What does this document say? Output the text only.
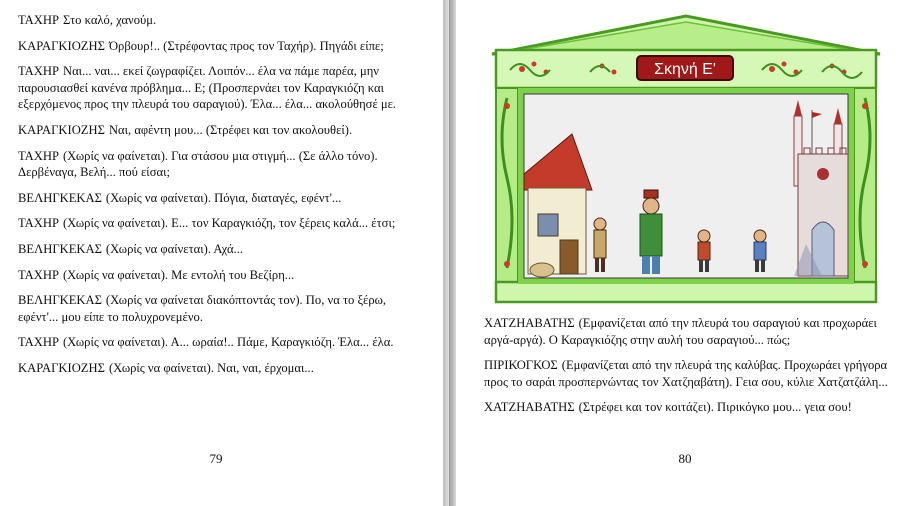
ΤΑΧΗΡ Στο καλό, χανούμ.

ΚΑΡΑΓΚΙΟΖΗΣ Όρβουρ!.. (Στρέφοντας προς τον Ταχήρ). Πηγάδι είπε;

ΤΑΧΗΡ Ναι... ναι... εκεί ζωγραφίζει. Λοιπόν... έλα να πάμε παρέα, μην παρουσιασθεί κανένα πρόβλημα... Ε; (Προσπερνάει τον Καραγκιόζη και εξερχόμενος προς την πλευρά του σαραγιού). Έλα... έλα... ακολούθησέ με.

ΚΑΡΑΓΚΙΟΖΗΣ Ναι, αφέντη μου... (Στρέφει και τον ακολουθεί).

ΤΑΧΗΡ (Χωρίς να φαίνεται). Για στάσου μια στιγμή... (Σε άλλο τόνο). Δερβέναγα, Βελή... πού είσαι;

ΒΕΛΗΓΚΕΚΑΣ (Χωρίς να φαίνεται). Πόγια, διαταγές, εφέντ'...

ΤΑΧΗΡ (Χωρίς να φαίνεται). Ε... τον Καραγκιόζη, τον ξέρεις καλά... έτσι;

ΒΕΛΗΓΚΕΚΑΣ (Χωρίς να φαίνεται). Αχά...

ΤΑΧΗΡ (Χωρίς να φαίνεται). Με εντολή του Βεζίρη...

ΒΕΛΗΓΚΕΚΑΣ (Χωρίς να φαίνεται διακόπτοντάς τον). Πο, να το ξέρω, εφέντ'... μου είπε το πολυχρονεμένο.

ΤΑΧΗΡ (Χωρίς να φαίνεται). Α... ωραία!.. Πάμε, Καραγκιόζη. Έλα... έλα.

ΚΑΡΑΓΚΙΟΖΗΣ (Χωρίς να φαίνεται). Ναι, ναι, έρχομαι...

79
Σκηνή Ε'

ΧΑΤΖΗΑΒΑΤΗΣ (Εμφανίζεται από την πλευρά του σαραγιού και προχωράει αργά-αργά). Ο Καραγκιόζης στην αυλή του σαραγιού... πώς;

ΠΙΡΙΚΟΓΚΟΣ (Εμφανίζεται από την πλευρά της καλύβας. Προχωράει γρήγορα προς το σαράι προσπερνώντας τον Χατζηαβάτη). Γεια σου, κύλιε Χατζατζάλη...

ΧΑΤΖΗΑΒΑΤΗΣ (Στρέφει και τον κοιτάζει). Πιρικόγκο μου... γεια σου!

80
